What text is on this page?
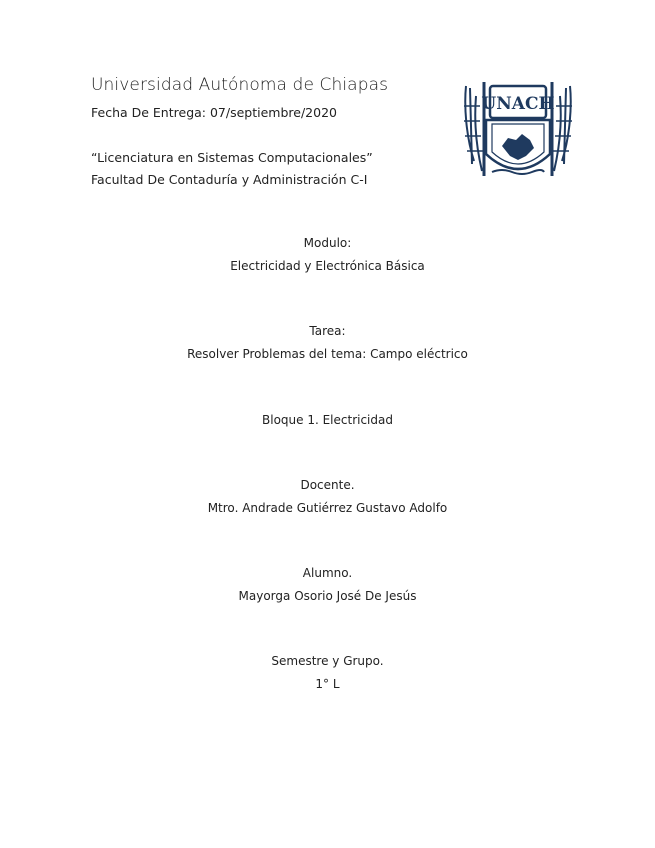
Universidad Autónoma de Chiapas
Fecha De Entrega: 07/septiembre/2020
“Licenciatura en Sistemas Computacionales”
Facultad De Contaduría y Administración C-I
UNACH
Modulo:
Electricidad y Electrónica Básica
Tarea:
Resolver Problemas del tema: Campo eléctrico
Bloque 1. Electricidad
Docente.
Mtro. Andrade Gutiérrez Gustavo Adolfo
Alumno.
Mayorga Osorio José De Jesús
Semestre y Grupo.
1° L
